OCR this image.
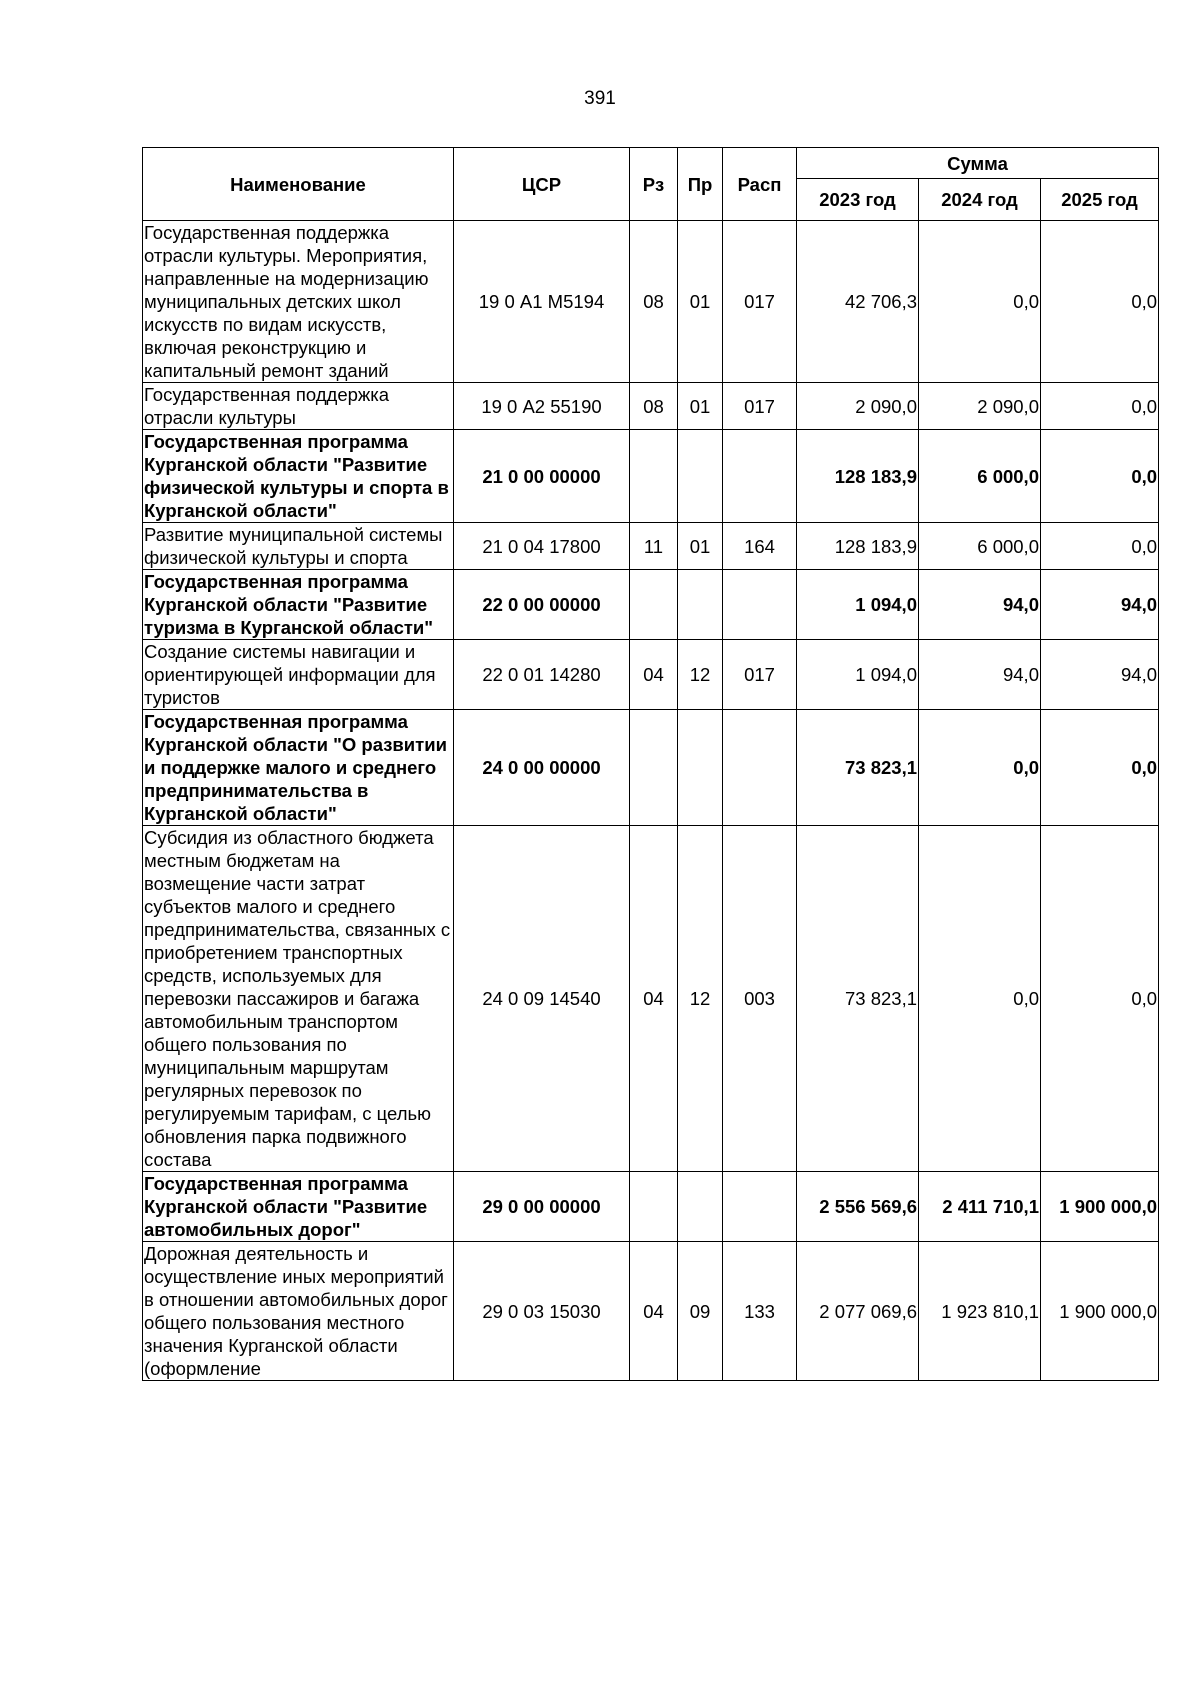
391
Наименование	ЦСР	Рз	Пр	Расп	Сумма		
					2023 год	2024 год	2025 год
Государственная поддержка отрасли культуры. Мероприятия, направленные на модернизацию муниципальных детских школ искусств по видам искусств, включая реконструкцию и капитальный ремонт зданий	19 0 А1 М5194	08	01	017	42 706,3	0,0	0,0
Государственная поддержка отрасли культуры	19 0 А2 55190	08	01	017	2 090,0	2 090,0	0,0
Государственная программа Курганской области "Развитие физической культуры и спорта в Курганской области"	21 0 00 00000				128 183,9	6 000,0	0,0
Развитие муниципальной системы физической культуры и спорта	21 0 04 17800	11	01	164	128 183,9	6 000,0	0,0
Государственная программа Курганской области "Развитие туризма в Курганской области"	22 0 00 00000				1 094,0	94,0	94,0
Создание системы навигации и ориентирующей информации для туристов	22 0 01 14280	04	12	017	1 094,0	94,0	94,0
Государственная программа Курганской области "О развитии и поддержке малого и среднего предпринимательства в Курганской области"	24 0 00 00000				73 823,1	0,0	0,0
Субсидия из областного бюджета местным бюджетам на возмещение части затрат субъектов малого и среднего предпринимательства, связанных с приобретением транспортных средств, используемых для перевозки пассажиров и багажа автомобильным транспортом общего пользования по муниципальным маршрутам регулярных перевозок по регулируемым тарифам, с целью обновления парка подвижного состава	24 0 09 14540	04	12	003	73 823,1	0,0	0,0
Государственная программа Курганской области "Развитие автомобильных дорог"	29 0 00 00000				2 556 569,6	2 411 710,1	1 900 000,0
Дорожная деятельность и осуществление иных мероприятий в отношении автомобильных дорог общего пользования местного значения Курганской области (оформление	29 0 03 15030	04	09	133	2 077 069,6	1 923 810,1	1 900 000,0
